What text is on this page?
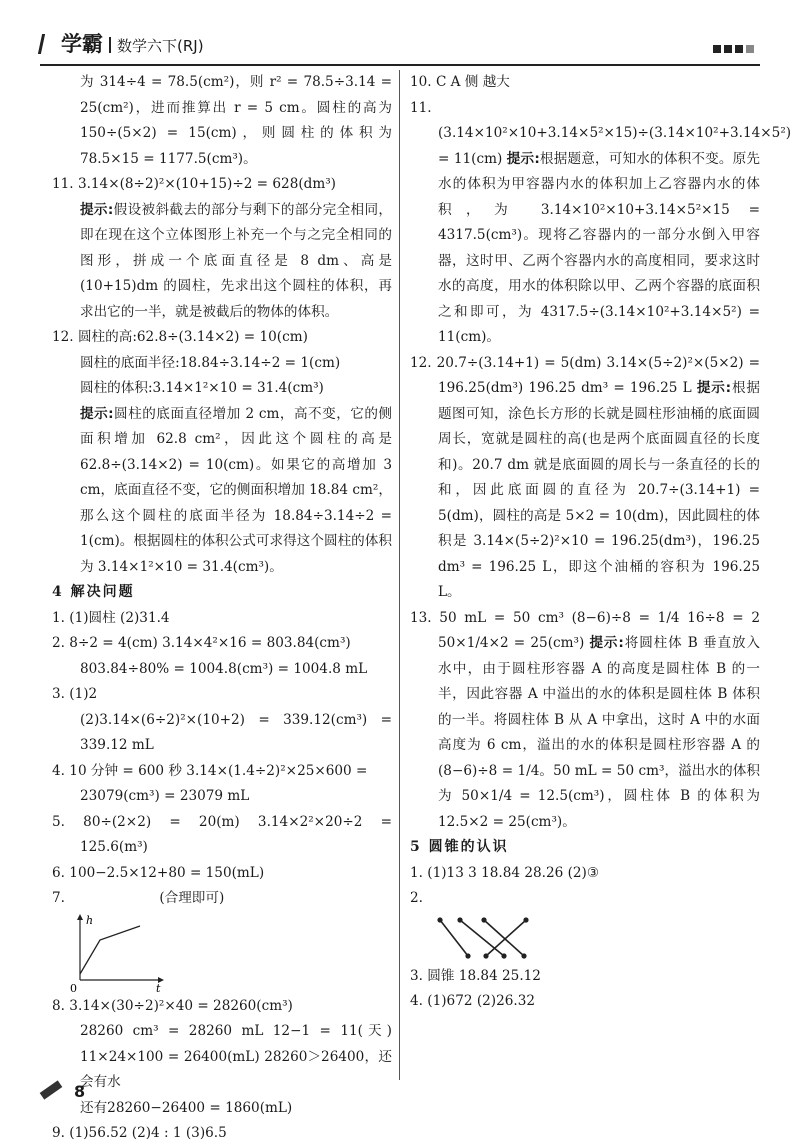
学霸 数学六下(RJ)

为 314÷4 = 78.5(cm²)，则 r² = 78.5÷3.14 = 25(cm²)，进而推算出 r = 5 cm。圆柱的高为 150÷(5×2) = 15(cm)，则圆柱的体积为 78.5×15 = 1177.5(cm³)。

11. 3.14×(8÷2)²×(10+15)÷2 = 628(dm³)

提示:假设被斜截去的部分与剩下的部分完全相同，即在现在这个立体图形上补充一个与之完全相同的图形，拼成一个底面直径是 8 dm、高是(10+15)dm 的圆柱，先求出这个圆柱的体积，再求出它的一半，就是被截后的物体的体积。

12. 圆柱的高:62.8÷(3.14×2) = 10(cm)

圆柱的底面半径:18.84÷3.14÷2 = 1(cm)

圆柱的体积:3.14×1²×10 = 31.4(cm³)

提示:圆柱的底面直径增加 2 cm，高不变，它的侧面积增加 62.8 cm²，因此这个圆柱的高是 62.8÷(3.14×2) = 10(cm)。如果它的高增加 3 cm，底面直径不变，它的侧面积增加 18.84 cm²，那么这个圆柱的底面半径为 18.84÷3.14÷2 = 1(cm)。根据圆柱的体积公式可求得这个圆柱的体积为 3.14×1²×10 = 31.4(cm³)。

4 解决问题

1. (1)圆柱 (2)31.4

2. 8÷2 = 4(cm) 3.14×4²×16 = 803.84(cm³)

803.84÷80% = 1004.8(cm³) = 1004.8 mL

3. (1)2

(2)3.14×(6÷2)²×(10+2) = 339.12(cm³) = 339.12 mL

4. 10 分钟 = 600 秒 3.14×(1.4÷2)²×25×600 =

23079(cm³) = 23079 mL

5. 80÷(2×2) = 20(m) 3.14×2²×20÷2 = 125.6(m³)

6. 100−2.5×12+80 = 150(mL)

7.	(合理即可)

h
t
0

8. 3.14×(30÷2)²×40 = 28260(cm³)

28260 cm³ = 28260 mL 12−1 = 11(天) 11×24×100 = 26400(mL) 28260＞26400，还会有水

还有28260−26400 = 1860(mL)

9. (1)56.52 (2)4 : 1 (3)6.5

10. C A 侧 越大

11. (3.14×10²×10+3.14×5²×15)÷(3.14×10²+3.14×5²) = 11(cm) 提示:根据题意，可知水的体积不变。原先水的体积为甲容器内水的体积加上乙容器内水的体积，为 3.14×10²×10+3.14×5²×15 = 4317.5(cm³)。现将乙容器内的一部分水倒入甲容器，这时甲、乙两个容器内水的高度相同，要求这时水的高度，用水的体积除以甲、乙两个容器的底面积之和即可，为 4317.5÷(3.14×10²+3.14×5²) = 11(cm)。

12. 20.7÷(3.14+1) = 5(dm) 3.14×(5÷2)²×(5×2) = 196.25(dm³) 196.25 dm³ = 196.25 L 提示:根据题图可知，涂色长方形的长就是圆柱形油桶的底面圆周长，宽就是圆柱的高(也是两个底面圆直径的长度和)。20.7 dm 就是底面圆的周长与一条直径的长的和，因此底面圆的直径为 20.7÷(3.14+1) = 5(dm)，圆柱的高是 5×2 = 10(dm)，因此圆柱的体积是 3.14×(5÷2)²×10 = 196.25(dm³)，196.25 dm³ = 196.25 L，即这个油桶的容积为 196.25 L。

13. 50 mL = 50 cm³ (8−6)÷8 = 1/4 16÷8 = 2 50×1/4×2 = 25(cm³) 提示:将圆柱体 B 垂直放入水中，由于圆柱形容器 A 的高度是圆柱体 B 的一半，因此容器 A 中溢出的水的体积是圆柱体 B 体积的一半。将圆柱体 B 从 A 中拿出，这时 A 中的水面高度为 6 cm，溢出的水的体积是圆柱形容器 A 的(8−6)÷8 = 1/4。50 mL = 50 cm³，溢出水的体积为 50×1/4 = 12.5(cm³)，圆柱体 B 的体积为 12.5×2 = 25(cm³)。

5 圆锥的认识

1. (1)13 3 18.84 28.26 (2)③

2.

3. 圆锥 18.84 25.12

4. (1)672 (2)26.32

8
